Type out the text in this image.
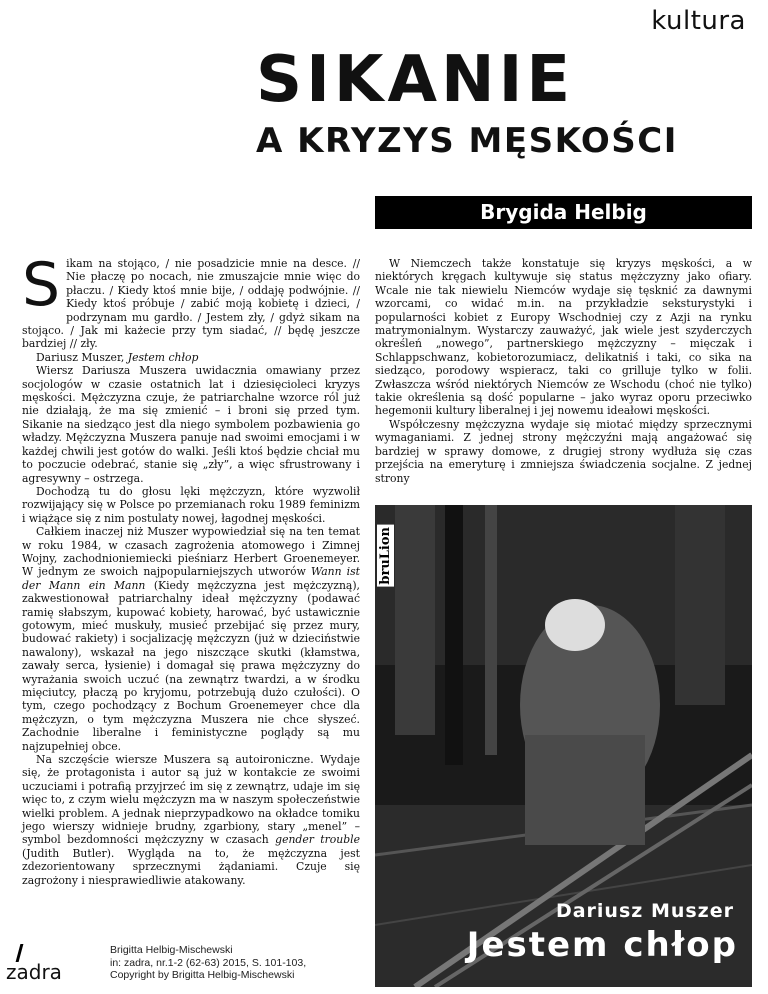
kultura
SIKANIE
A KRYZYS MĘSKOŚCI
Brygida Helbig

Sikam na stojąco, / nie posadzicie mnie na desce. // Nie płaczę po nocach, nie zmuszajcie mnie więc do płaczu. / Kiedy ktoś mnie bije, / oddaję podwójnie. // Kiedy ktoś próbuje / zabić moją kobietę i dzieci, / podrzynam mu gardło. / Jestem zły, / gdyż sikam na stojąco. / Jak mi każecie przy tym siadać, // będę jeszcze bardziej // zły.

Dariusz Muszer, Jestem chłop

Wiersz Dariusza Muszera uwidacznia omawiany przez socjologów w czasie ostatnich lat i dziesięcioleci kryzys męskości. Mężczyzna czuje, że patriarchalne wzorce ról już nie działają, że ma się zmienić – i broni się przed tym. Sikanie na siedząco jest dla niego symbolem pozbawienia go władzy. Mężczyzna Muszera panuje nad swoimi emocjami i w każdej chwili jest gotów do walki. Jeśli ktoś będzie chciał mu to poczucie odebrać, stanie się „zły”, a więc sfrustrowany i agresywny – ostrzega.

Dochodzą tu do głosu lęki mężczyzn, które wyzwolił rozwijający się w Polsce po przemianach roku 1989 feminizm i wiążące się z nim postulaty nowej, łagodnej męskości.

Całkiem inaczej niż Muszer wypowiedział się na ten temat w roku 1984, w czasach zagrożenia atomowego i Zimnej Wojny, zachodnioniemiecki pieśniarz Herbert Groenemeyer. W jednym ze swoich najpopularniejszych utworów Wann ist der Mann ein Mann (Kiedy mężczyzna jest mężczyzną), zakwestionował patriarchalny ideał mężczyzny (podawać ramię słabszym, kupować kobiety, harować, być ustawicznie gotowym, mieć muskuły, musieć przebijać się przez mury, budować rakiety) i socjalizację mężczyzn (już w dzieciństwie nawalony), wskazał na jego niszczące skutki (kłamstwa, zawały serca, łysienie) i domagał się prawa mężczyzny do wyrażania swoich uczuć (na zewnątrz twardzi, a w środku mięciutcy, płaczą po kryjomu, potrzebują dużo czułości). O tym, czego pochodzący z Bochum Groenemeyer chce dla mężczyzn, o tym mężczyzna Muszera nie chce słyszeć. Zachodnie liberalne i feministyczne poglądy są mu najzupełniej obce.

Na szczęście wiersze Muszera są autoironiczne. Wydaje się, że protagonista i autor są już w kontakcie ze swoimi uczuciami i potrafią przyjrzeć im się z zewnątrz, udaje im się więc to, z czym wielu mężczyzn ma w naszym społeczeństwie wielki problem. A jednak nieprzypadkowo na okładce tomiku jego wierszy widnieje brudny, zgarbiony, stary „menel” – symbol bezdomności mężczyzny w czasach gender trouble (Judith Butler). Wygląda na to, że mężczyzna jest zdezorientowany sprzecznymi żądaniami. Czuje się zagrożony i niesprawiedliwie atakowany.

W Niemczech także konstatuje się kryzys męskości, a w niektórych kręgach kultywuje się status mężczyzny jako ofiary. Wcale nie tak niewielu Niemców wydaje się tęsknić za dawnymi wzorcami, co widać m.in. na przykładzie seksturystyki i popularności kobiet z Europy Wschodniej czy z Azji na rynku matrymonialnym. Wystarczy zauważyć, jak wiele jest szyderczych określeń „nowego”, partnerskiego mężczyzny – mięczak i Schlappschwanz, kobietorozumiacz, delikatniś i taki, co sika na siedząco, porodowy wspieracz, taki co grilluje tylko w folii. Zwłaszcza wśród niektórych Niemców ze Wschodu (choć nie tylko) takie określenia są dość popularne – jako wyraz oporu przeciwko hegemonii kultury liberalnej i jej nowemu ideałowi męskości.

Współczesny mężczyzna wydaje się miotać między sprzecznymi wymaganiami. Z jednej strony mężczyźni mają angażować się bardziej w sprawy domowe, z drugiej strony wydłuża się czas przejścia na emeryturę i zmniejsza świadczenia socjalne. Z jednej strony

bruLion
Dariusz Muszer
Jestem chłop
zadra
Brigitta Helbig-Mischewski
in: zadra, nr.1-2 (62-63) 2015, S. 101-103,
Copyright by Brigitta Helbig-Mischewski
